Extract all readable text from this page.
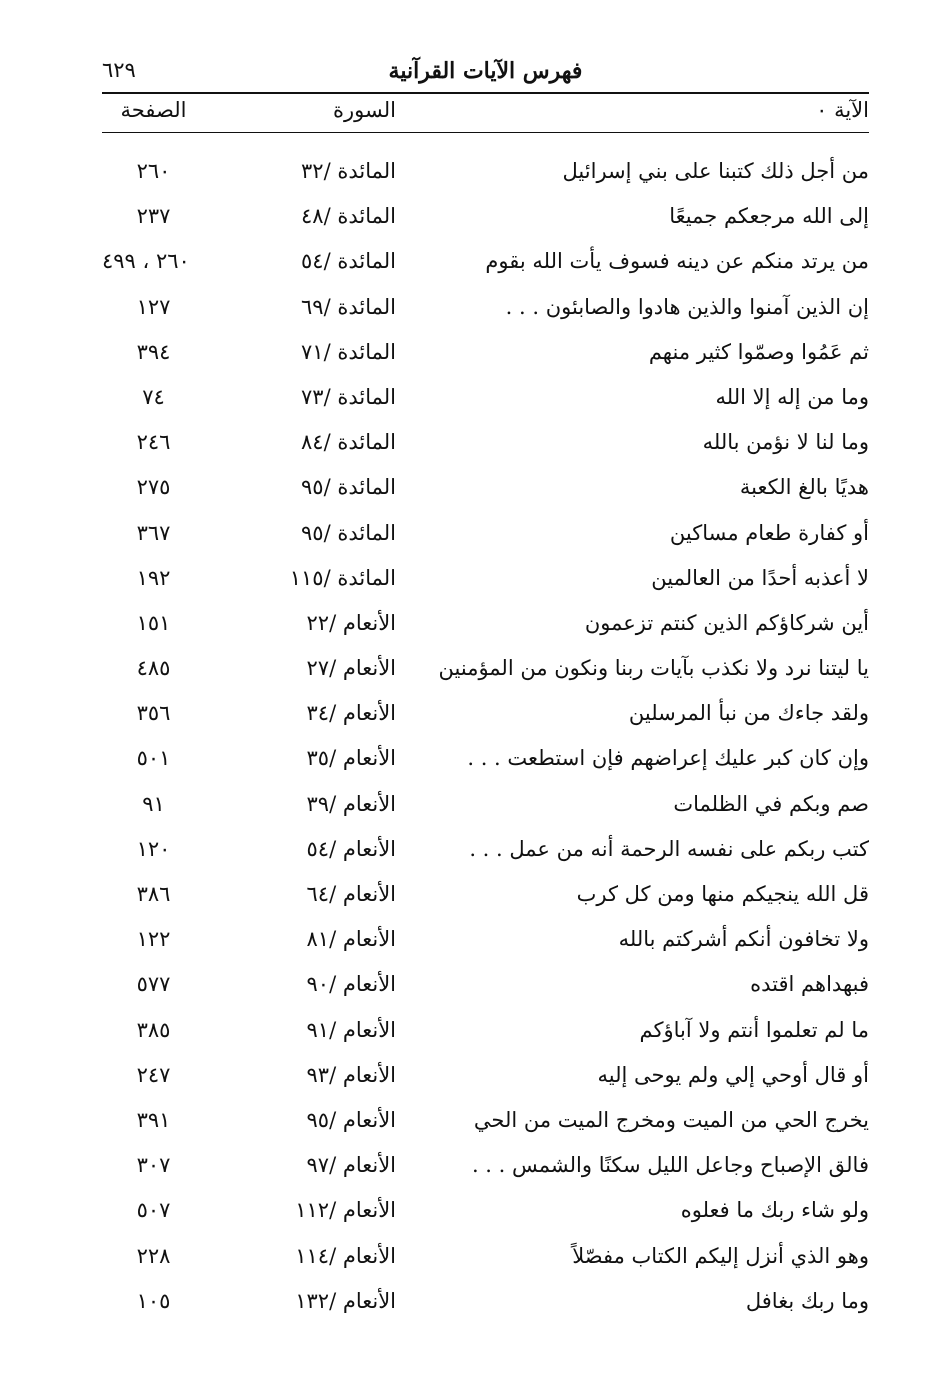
فهرس الآيات القرآنية
٦٢٩
الآية ٠
السورة
الصفحة
من أجل ذلك كتبنا على بني إسرائيل
المائدة /٣٢
٢٦٠
إلى الله مرجعكم جميعًا
المائدة /٤٨
٢٣٧
من يرتد منكم عن دينه فسوف يأت الله بقوم
المائدة /٥٤
٢٦٠ ، ٤٩٩
إن الذين آمنوا والذين هادوا والصابئون . . .
المائدة /٦٩
١٢٧
ثم عَمُوا وصمّوا كثير منهم
المائدة /٧١
٣٩٤
وما من إله إلا الله
المائدة /٧٣
٧٤
وما لنا لا نؤمن بالله
المائدة /٨٤
٢٤٦
هديًا بالغ الكعبة
المائدة /٩٥
٢٧٥
أو كفارة طعام مساكين
المائدة /٩٥
٣٦٧
لا أعذبه أحدًا من العالمين
المائدة /١١٥
١٩٢
أين شركاؤكم الذين كنتم تزعمون
الأنعام /٢٢
١٥١
يا ليتنا نرد ولا نكذب بآيات ربنا ونكون من المؤمنين
الأنعام /٢٧
٤٨٥
ولقد جاءك من نبأ المرسلين
الأنعام /٣٤
٣٥٦
وإن كان كبر عليك إعراضهم فإن استطعت . . .
الأنعام /٣٥
٥٠١
صم وبكم في الظلمات
الأنعام /٣٩
٩١
كتب ربكم على نفسه الرحمة أنه من عمل . . .
الأنعام /٥٤
١٢٠
قل الله ينجيكم منها ومن كل كرب
الأنعام /٦٤
٣٨٦
ولا تخافون أنكم أشركتم بالله
الأنعام /٨١
١٢٢
فبهداهم اقتده
الأنعام /٩٠
٥٧٧
ما لم تعلموا أنتم ولا آباؤكم
الأنعام /٩١
٣٨٥
أو قال أوحي إلي ولم يوحى إليه
الأنعام /٩٣
٢٤٧
يخرج الحي من الميت ومخرج الميت من الحي
الأنعام /٩٥
٣٩١
فالق الإصباح وجاعل الليل سكنًا والشمس . . .
الأنعام /٩٧
٣٠٧
ولو شاء ربك ما فعلوه
الأنعام /١١٢
٥٠٧
وهو الذي أنزل إليكم الكتاب مفصّلاً
الأنعام /١١٤
٢٢٨
وما ربك بغافل
الأنعام /١٣٢
١٠٥
